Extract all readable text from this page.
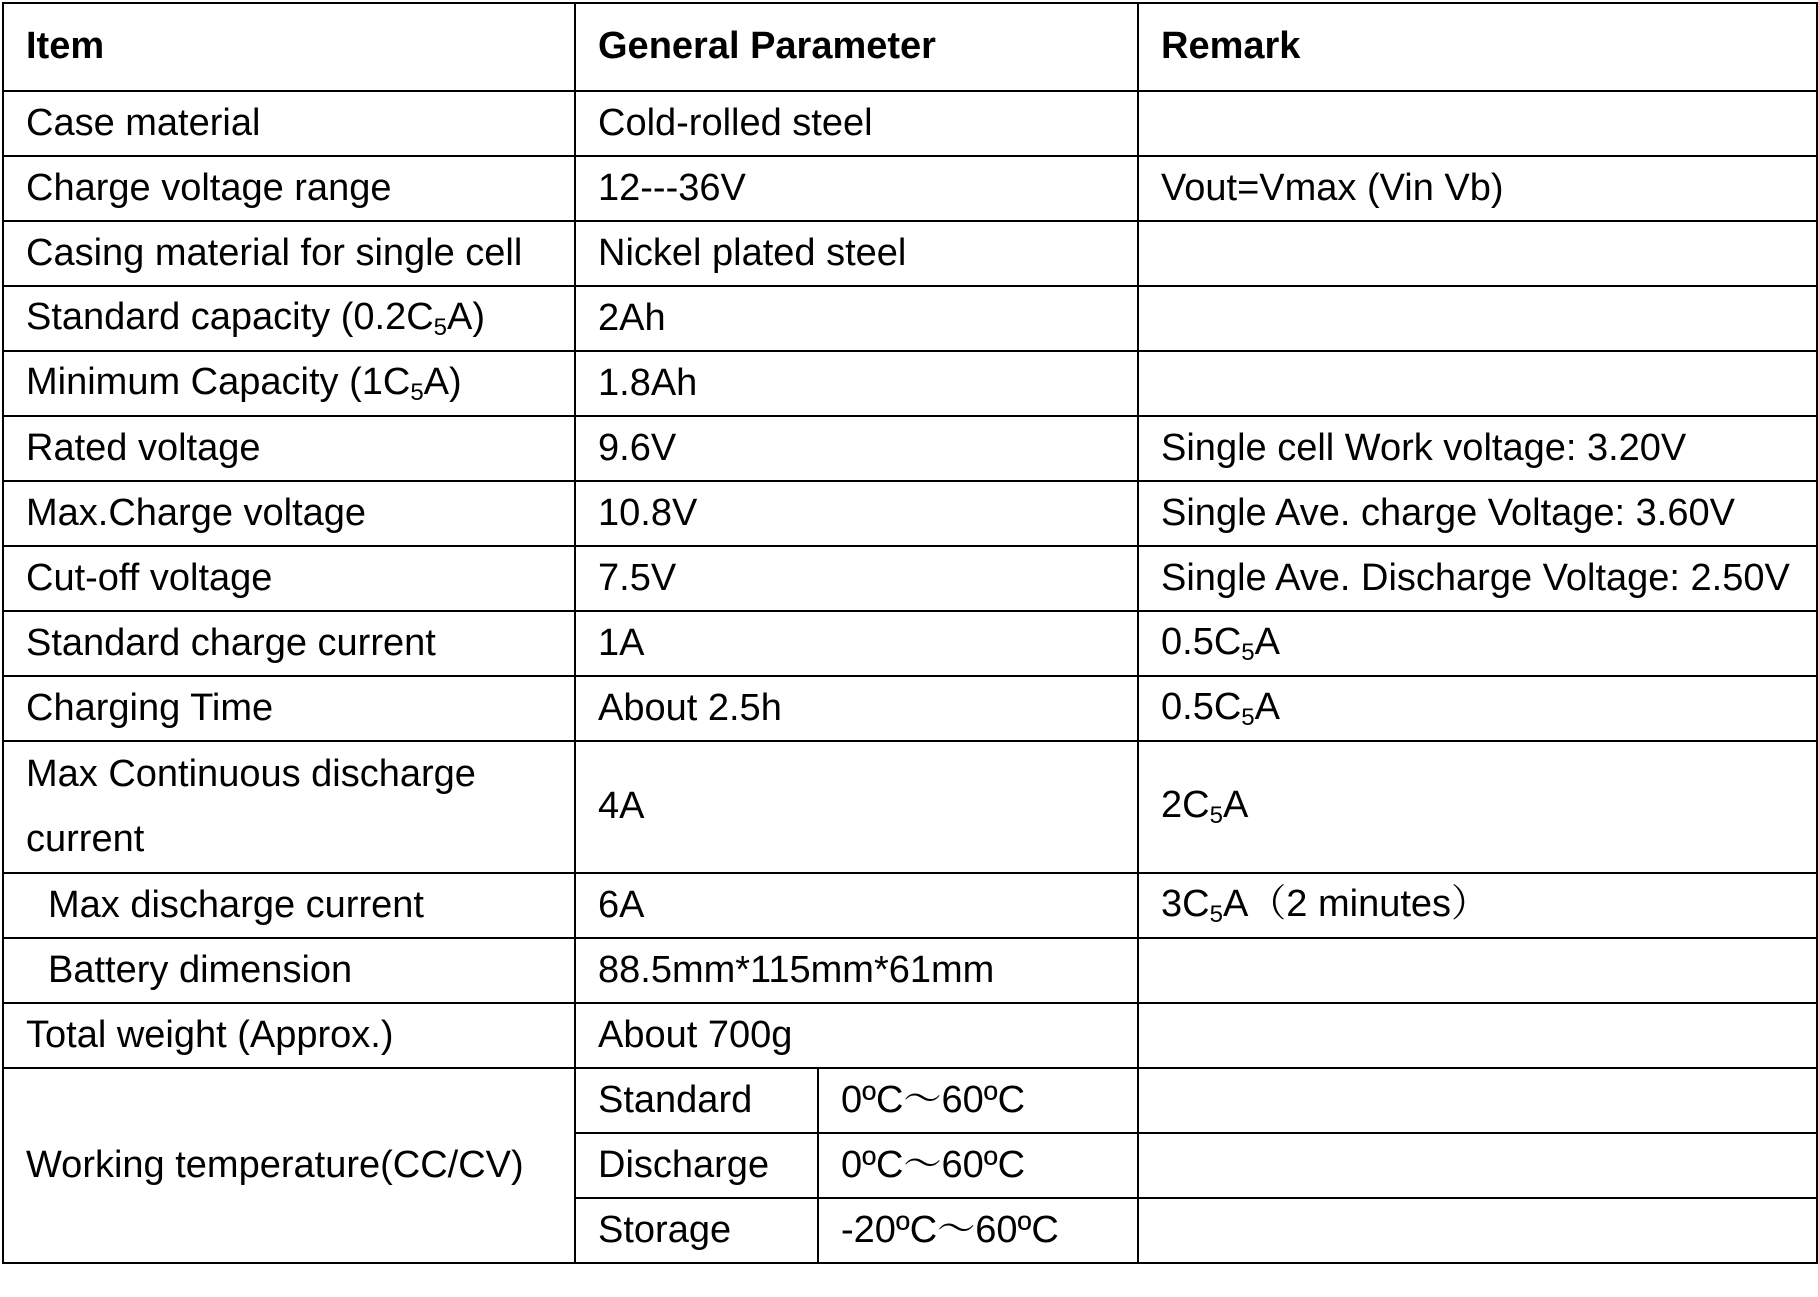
Item	General Parameter		Remark
Case material	Cold-rolled steel		
Charge voltage range	12---36V		Vout=Vmax (Vin Vb)
Casing material for single cell	Nickel plated steel		
Standard capacity $(0.2C_5A)$	2Ah		
Minimum Capacity $(1C_5A)$	1.8Ah		
Rated voltage	9.6V		Single cell Work voltage: 3.20V
Max.Charge voltage	10.8V		Single Ave. charge Voltage: 3.60V
Cut-off voltage	7.5V		Single Ave. Discharge Voltage: 2.50V
Standard charge current	1A		$0.5C_5A$
Charging Time	About 2.5h		$0.5C_5A$
Max Continuous discharge current	4A		$2C_5A$
Max discharge current	6A		$3C_5A(2$ minutes）
Battery dimension	88.5mm*115mm*61mm		
Total weight (Approx.)	About 700g		
Working temperature(CC/CV)	Standard	0ºC～60ºC	
	Discharge	0ºC～60ºC	
	Storage	-20ºC～60ºC	
